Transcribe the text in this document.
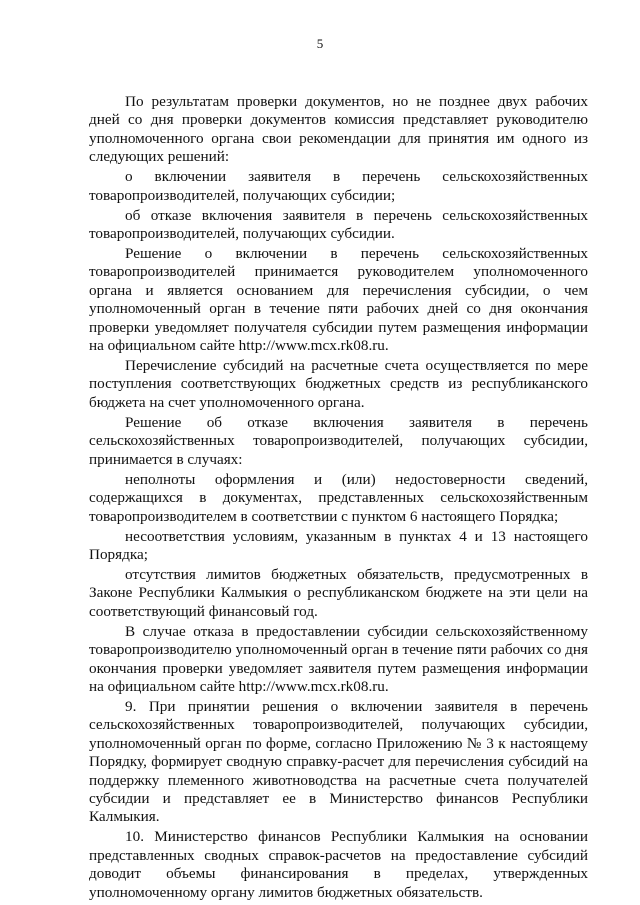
5

По результатам проверки документов, но не позднее двух рабочих дней со дня проверки документов комиссия представляет руководителю уполномоченного органа свои рекомендации для принятия им одного из следующих решений:

о включении заявителя в перечень сельскохозяйственных товаропроизводителей, получающих субсидии;

об отказе включения заявителя в перечень сельскохозяйственных товаропроизводителей, получающих субсидии.

Решение о включении в перечень сельскохозяйственных товаропроизводителей принимается руководителем уполномоченного органа и является основанием для перечисления субсидии, о чем уполномоченный орган в течение пяти рабочих дней со дня окончания проверки уведомляет получателя субсидии путем размещения информации на официальном сайте http://www.mcx.rk08.ru.

Перечисление субсидий на расчетные счета осуществляется по мере поступления соответствующих бюджетных средств из республиканского бюджета на счет уполномоченного органа.

Решение об отказе включения заявителя в перечень сельскохозяйственных товаропроизводителей, получающих субсидии, принимается в случаях:

неполноты оформления и (или) недостоверности сведений, содержащихся в документах, представленных сельскохозяйственным товаропроизводителем в соответствии с пунктом 6 настоящего Порядка;

несоответствия условиям, указанным в пунктах 4 и 13 настоящего Порядка;

отсутствия лимитов бюджетных обязательств, предусмотренных в Законе Республики Калмыкия о республиканском бюджете на эти цели на соответствующий финансовый год.

В случае отказа в предоставлении субсидии сельскохозяйственному товаропроизводителю уполномоченный орган в течение пяти рабочих со дня окончания проверки уведомляет заявителя путем размещения информации на официальном сайте http://www.mcx.rk08.ru.

9. При принятии решения о включении заявителя в перечень сельскохозяйственных товаропроизводителей, получающих субсидии, уполномоченный орган по форме, согласно Приложению № 3 к настоящему Порядку, формирует сводную справку-расчет для перечисления субсидий на поддержку племенного животноводства на расчетные счета получателей субсидии и представляет ее в Министерство финансов Республики Калмыкия.

10. Министерство финансов Республики Калмыкия на основании представленных сводных справок-расчетов на предоставление субсидий доводит объемы финансирования в пределах, утвержденных уполномоченному органу лимитов бюджетных обязательств.
